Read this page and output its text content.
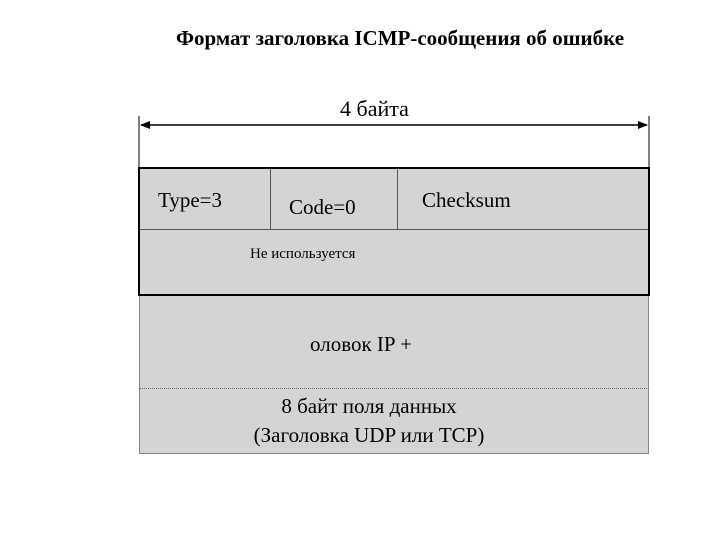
Формат заголовка ICMP-сообщения об ошибке
4 байта
Type=3	Code=0	Checksum
Не используется
оловок IP +
8 байт поля данных
(Заголовка UDP или TCP)
